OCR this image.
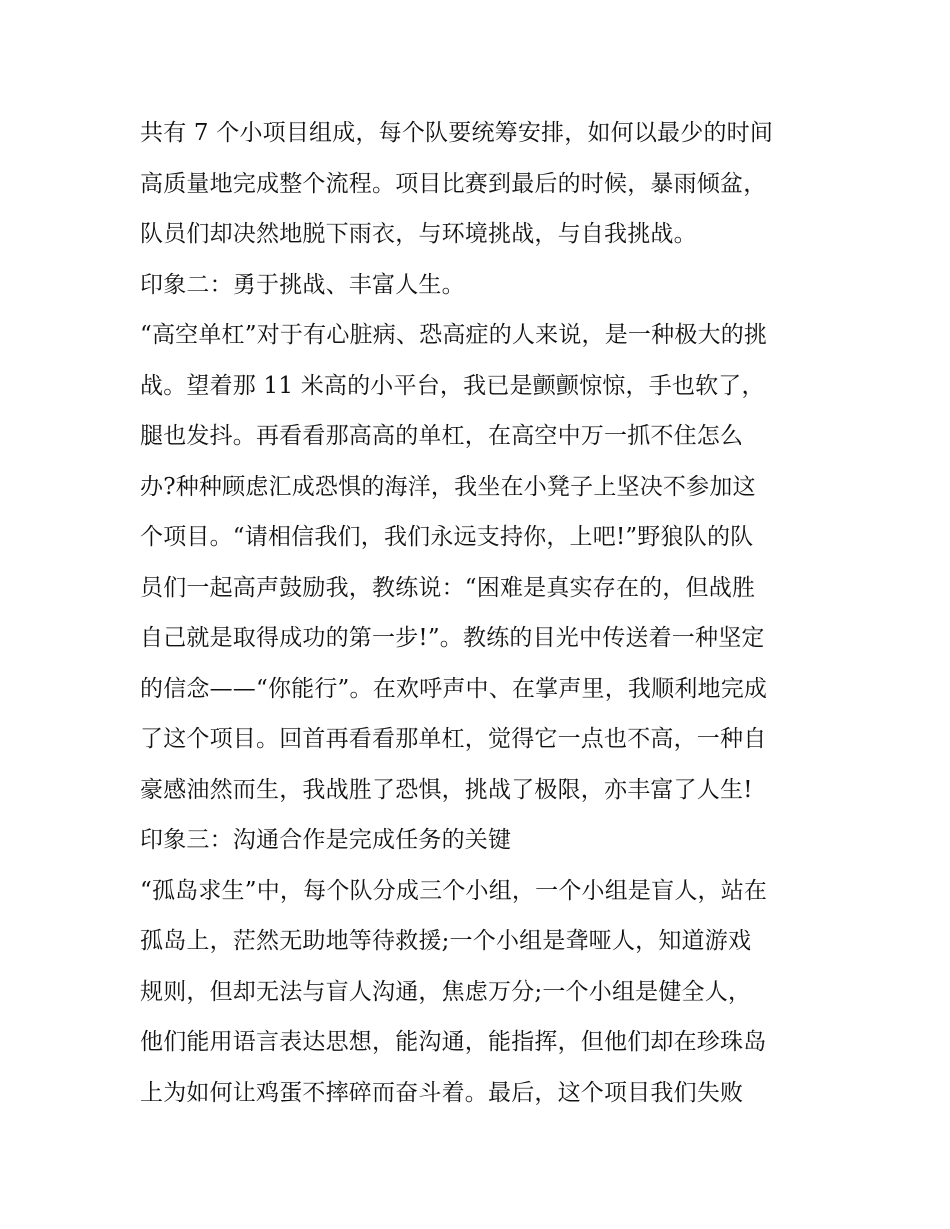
共有 7 个小项目组成，每个队要统筹安排，如何以最少的时间
高质量地完成整个流程。项目比赛到最后的时候，暴雨倾盆，
队员们却决然地脱下雨衣，与环境挑战，与自我挑战。
印象二：勇于挑战、丰富人生。
“高空单杠”对于有心脏病、恐高症的人来说，是一种极大的挑
战。望着那 11 米高的小平台，我已是颤颤惊惊，手也软了，
腿也发抖。再看看那高高的单杠，在高空中万一抓不住怎么
办?种种顾虑汇成恐惧的海洋，我坐在小凳子上坚决不参加这
个项目。“请相信我们，我们永远支持你，上吧!”野狼队的队
员们一起高声鼓励我，教练说：“困难是真实存在的，但战胜
自己就是取得成功的第一步!”。教练的目光中传送着一种坚定
的信念——“你能行”。在欢呼声中、在掌声里，我顺利地完成
了这个项目。回首再看看那单杠，觉得它一点也不高，一种自
豪感油然而生，我战胜了恐惧，挑战了极限，亦丰富了人生!
印象三：沟通合作是完成任务的关键
“孤岛求生”中，每个队分成三个小组，一个小组是盲人，站在
孤岛上，茫然无助地等待救援;一个小组是聋哑人，知道游戏
规则，但却无法与盲人沟通，焦虑万分;一个小组是健全人，
他们能用语言表达思想，能沟通，能指挥，但他们却在珍珠岛
上为如何让鸡蛋不摔碎而奋斗着。最后，这个项目我们失败
